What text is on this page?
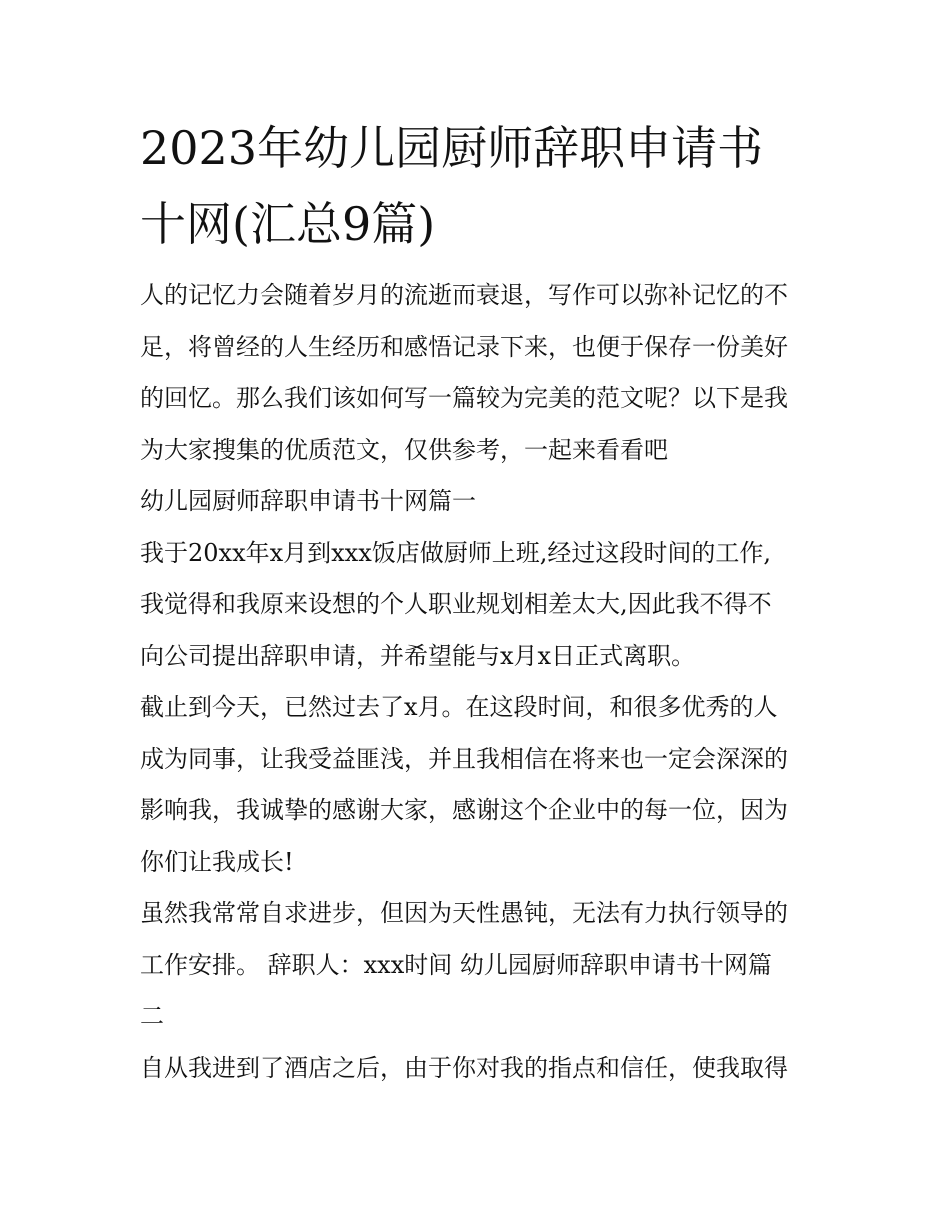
2023年幼儿园厨师辞职申请书
十网(汇总9篇)

人的记忆力会随着岁月的流逝而衰退，写作可以弥补记忆的不
足，将曾经的人生经历和感悟记录下来，也便于保存一份美好
的回忆。那么我们该如何写一篇较为完美的范文呢？以下是我
为大家搜集的优质范文，仅供参考，一起来看看吧

幼儿园厨师辞职申请书十网篇一

我于20xx年x月到xxx饭店做厨师上班,经过这段时间的工作,
我觉得和我原来设想的个人职业规划相差太大,因此我不得不
向公司提出辞职申请，并希望能与x月x日正式离职。

截止到今天，已然过去了x月。在这段时间，和很多优秀的人
成为同事，让我受益匪浅，并且我相信在将来也一定会深深的
影响我，我诚挚的感谢大家，感谢这个企业中的每一位，因为
你们让我成长!

虽然我常常自求进步，但因为天性愚钝，无法有力执行领导的
工作安排。 辞职人：xxx时间 幼儿园厨师辞职申请书十网篇
二

自从我进到了酒店之后，由于你对我的指点和信任，使我取得
